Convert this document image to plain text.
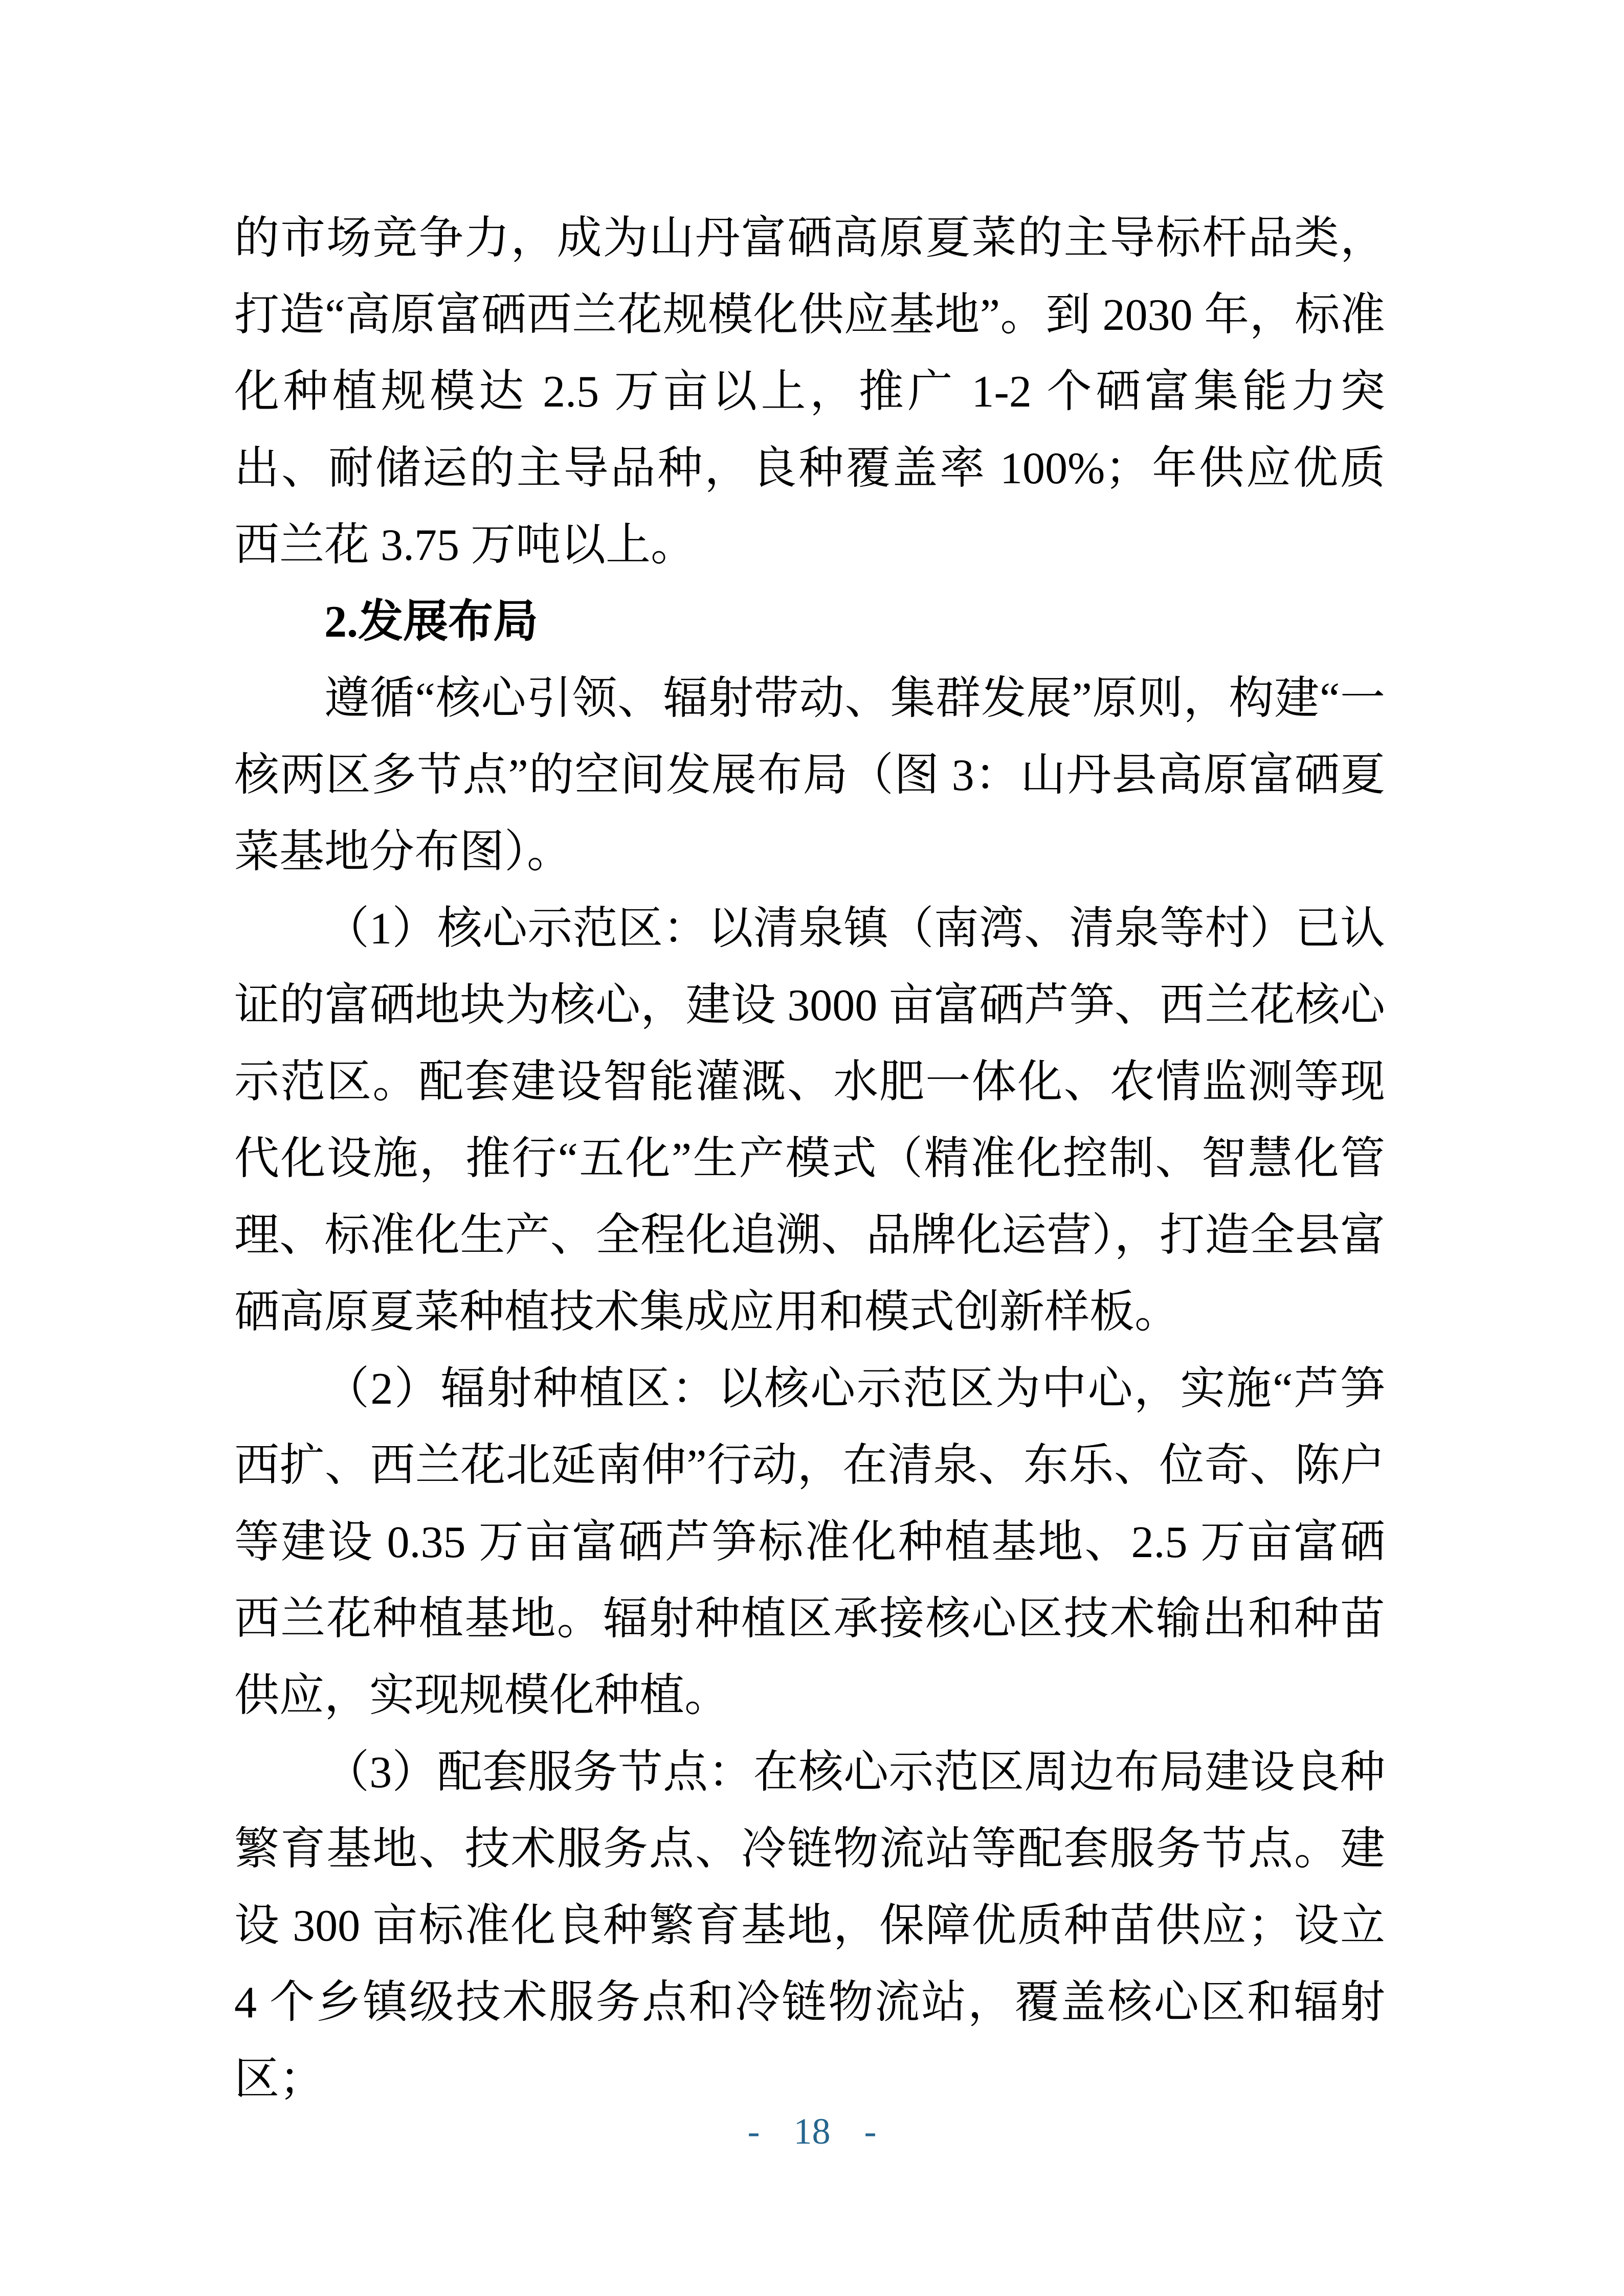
的市场竞争力，成为山丹富硒高原夏菜的主导标杆品类，打造“高原富硒西兰花规模化供应基地”。到 2030 年，标准化种植规模达 2.5 万亩以上，推广 1-2 个硒富集能力突出、耐储运的主导品种，良种覆盖率 100%；年供应优质西兰花 3.75 万吨以上。

2.发展布局

遵循“核心引领、辐射带动、集群发展”原则，构建“一核两区多节点”的空间发展布局（图 3：山丹县高原富硒夏菜基地分布图）。

（1）核心示范区：以清泉镇（南湾、清泉等村）已认证的富硒地块为核心，建设 3000 亩富硒芦笋、西兰花核心示范区。配套建设智能灌溉、水肥一体化、农情监测等现代化设施，推行“五化”生产模式（精准化控制、智慧化管理、标准化生产、全程化追溯、品牌化运营），打造全县富硒高原夏菜种植技术集成应用和模式创新样板。

（2）辐射种植区：以核心示范区为中心，实施“芦笋西扩、西兰花北延南伸”行动，在清泉、东乐、位奇、陈户等建设 0.35 万亩富硒芦笋标准化种植基地、2.5 万亩富硒西兰花种植基地。辐射种植区承接核心区技术输出和种苗供应，实现规模化种植。

（3）配套服务节点：在核心示范区周边布局建设良种繁育基地、技术服务点、冷链物流站等配套服务节点。建设 300 亩标准化良种繁育基地，保障优质种苗供应；设立 4 个乡镇级技术服务点和冷链物流站，覆盖核心区和辐射区；

- 18 -
